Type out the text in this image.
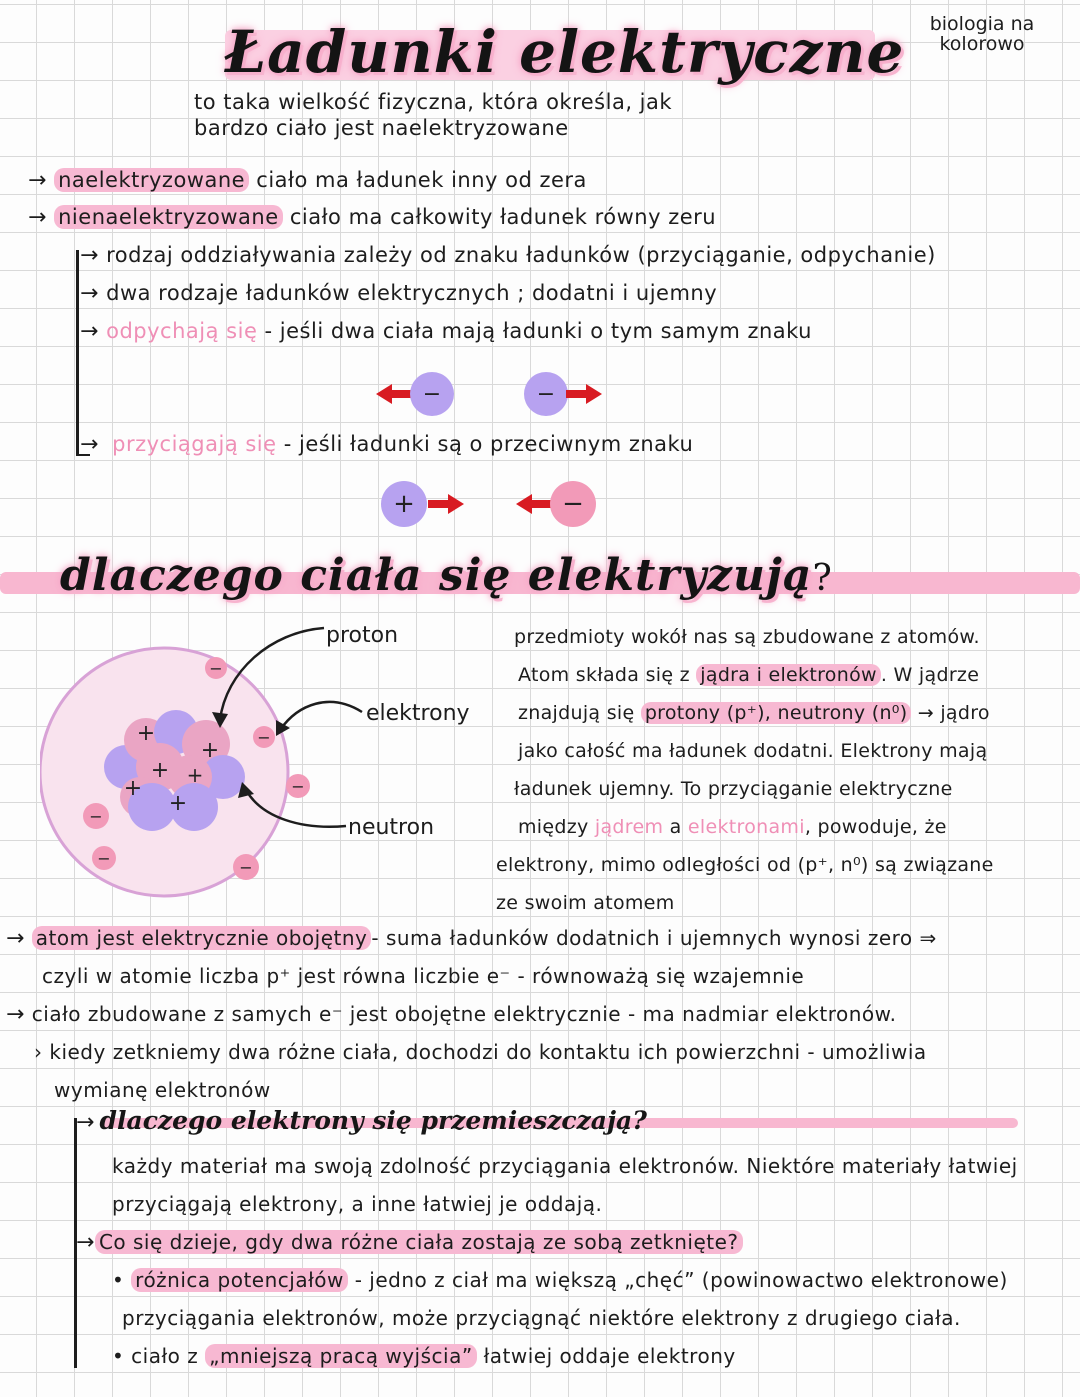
biologia na kolorowo
Ładunki elektryczne
to taka wielkość fizyczna, która określa, jak
bardzo ciało jest naelektryzowane
→ naelektryzowane ciało ma ładunek inny od zera
→ nienaelektryzowane ciało ma całkowity ładunek równy zeru
→ rodzaj oddziaływania zależy od znaku ładunków (przyciąganie, odpychanie)
→ dwa rodzaje ładunków elektrycznych ; dodatni i ujemny
→ odpychają się - jeśli dwa ciała mają ładunki o tym samym znaku
−	−
→ przyciągają się - jeśli ładunki są o przeciwnym znaku
+	−
dlaczego ciała się elektryzują?
+
+
+ +
+
+
−
−
−
−
−	−
proton
elektrony
neutron
przedmioty wokół nas są zbudowane z atomów.
Atom składa się z jądra i elektronów . W jądrze
znajdują się protony (p⁺), neutrony (n⁰) → jądro
jako całość ma ładunek dodatni. Elektrony mają
ładunek ujemny. To przyciąganie elektryczne
między jądrem a elektronami, powoduje, że
elektrony, mimo odległości od (p⁺, n⁰) są związane
ze swoim atomem
→ atom jest elektrycznie obojętny - suma ładunków dodatnich i ujemnych wynosi zero ⇒
czyli w atomie liczba p⁺ jest równa liczbie e⁻ - równoważą się wzajemnie
→ ciało zbudowane z samych e⁻ jest obojętne elektrycznie - ma nadmiar elektronów.
› kiedy zetkniemy dwa różne ciała, dochodzi do kontaktu ich powierzchni - umożliwia
wymianę elektronów
→ dlaczego elektrony się przemieszczają?
każdy materiał ma swoją zdolność przyciągania elektronów. Niektóre materiały łatwiej
przyciągają elektrony, a inne łatwiej je oddają.
→ Co się dzieje, gdy dwa różne ciała zostają ze sobą zetknięte?
• różnica potencjałów - jedno z ciał ma większą „chęć” (powinowactwo elektronowe)
przyciągania elektronów, może przyciągnąć niektóre elektrony z drugiego ciała.
• ciało z „mniejszą pracą wyjścia” łatwiej oddaje elektrony
